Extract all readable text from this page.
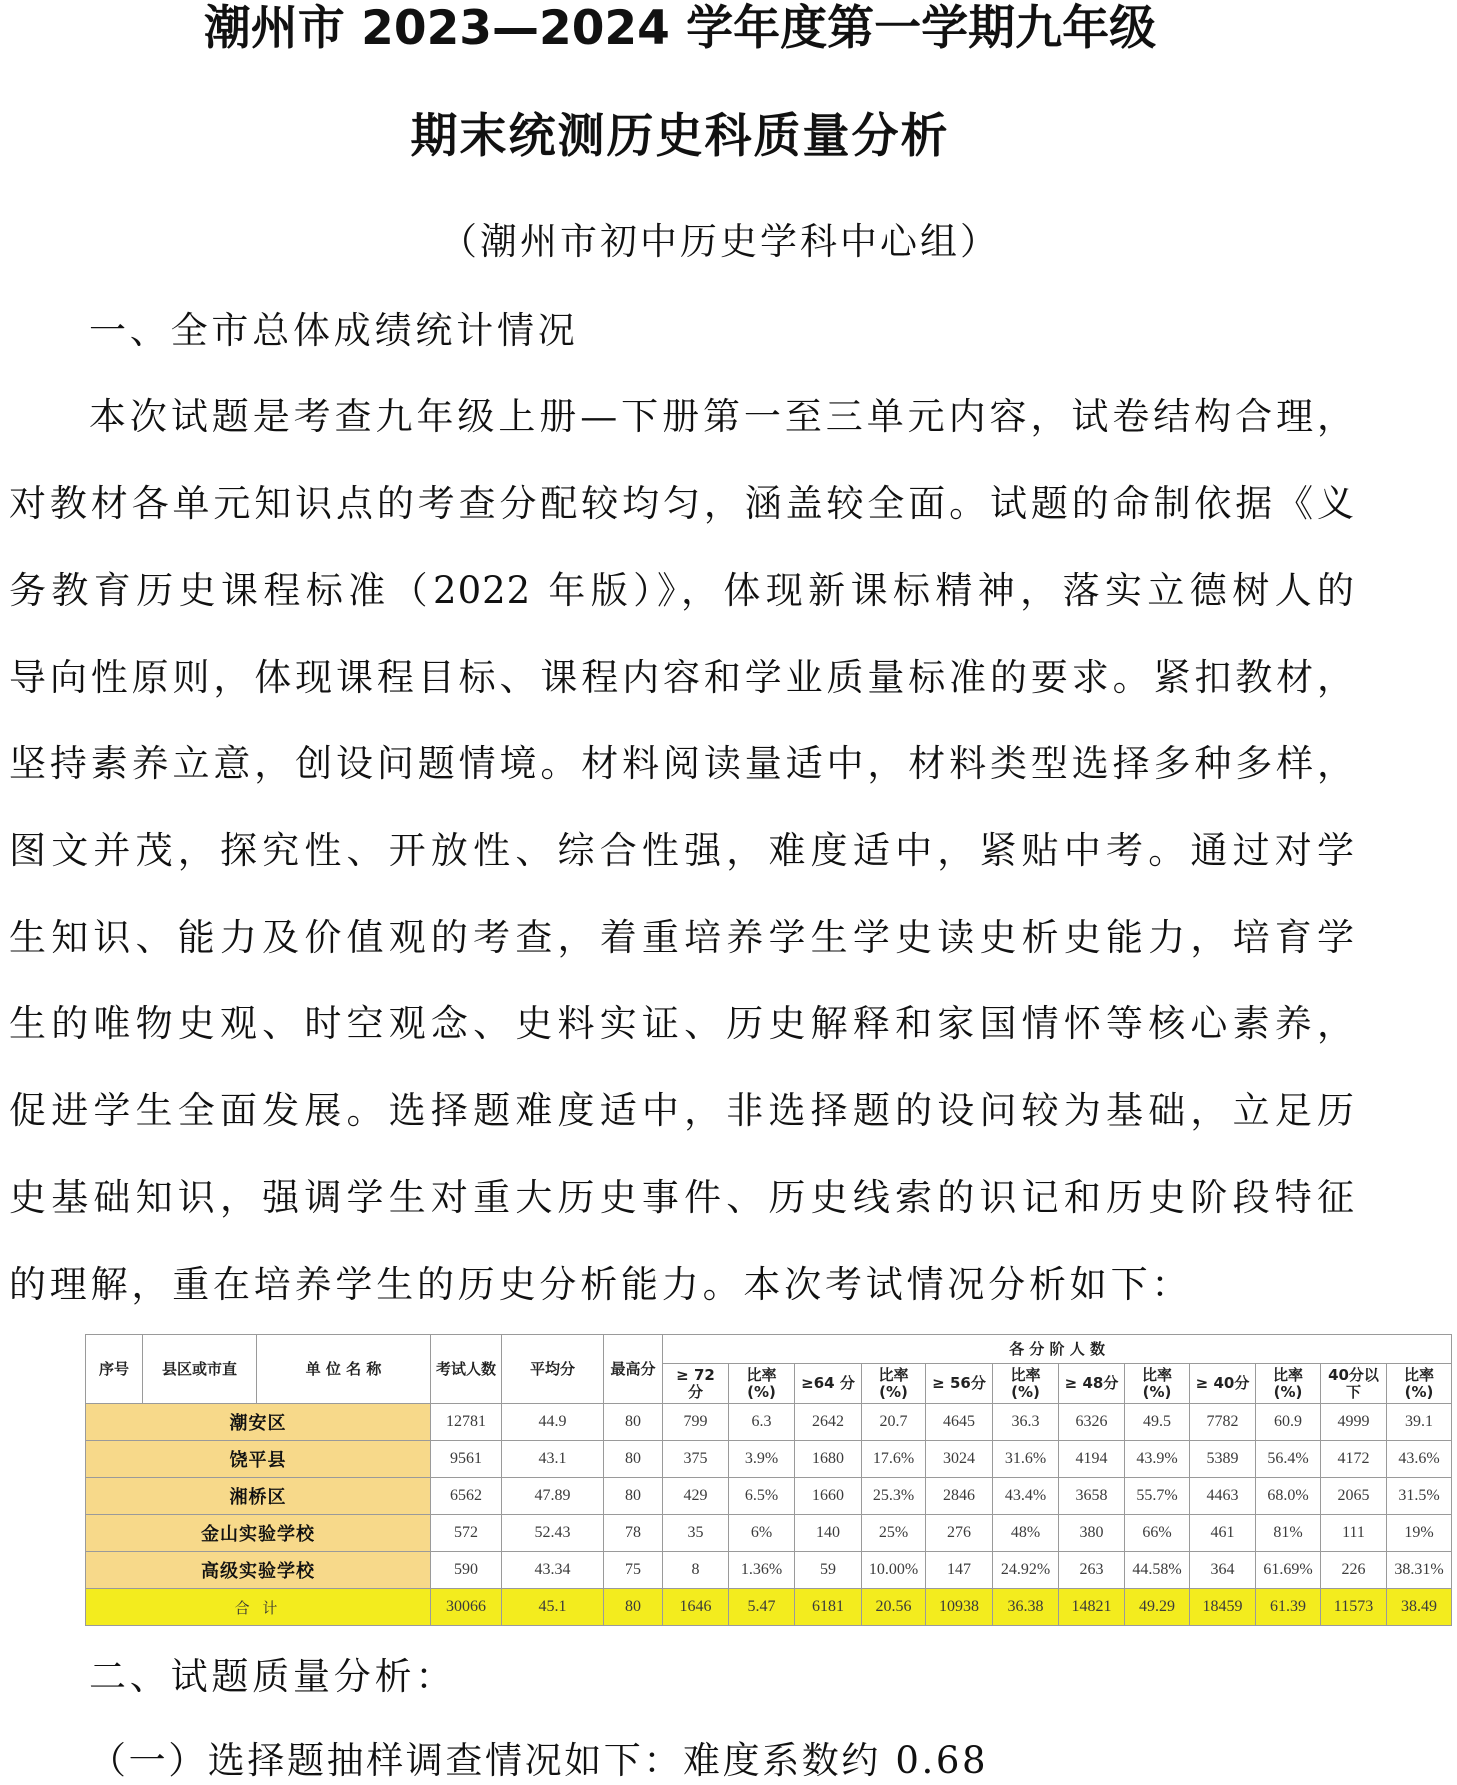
潮州市 2023—2024 学年度第一学期九年级
期末统测历史科质量分析
（潮州市初中历史学科中心组）
一、全市总体成绩统计情况
本次试题是考查九年级上册—下册第一至三单元内容，试卷结构合理，
对教材各单元知识点的考查分配较均匀，涵盖较全面。试题的命制依据《义
务教育历史课程标准（2022 年版）》，体现新课标精神，落实立德树人的
导向性原则，体现课程目标、课程内容和学业质量标准的要求。紧扣教材，
坚持素养立意，创设问题情境。材料阅读量适中，材料类型选择多种多样，
图文并茂，探究性、开放性、综合性强，难度适中，紧贴中考。通过对学
生知识、能力及价值观的考查，着重培养学生学史读史析史能力，培育学
生的唯物史观、时空观念、史料实证、历史解释和家国情怀等核心素养，
促进学生全面发展。选择题难度适中，非选择题的设问较为基础，立足历
史基础知识，强调学生对重大历史事件、历史线索的识记和历史阶段特征
的理解，重在培养学生的历史分析能力。本次考试情况分析如下：
序号	县区或市直	单 位 名 称	考试人数	平均分	最高分	各 分 阶 人 数											
						≥ 72 分	比率(%)	≥64 分	比率(%)	≥ 56分	比率(%)	≥ 48分	比率(%)	≥ 40分	比率(%)	40分以下	比率(%)
潮安区			12781	44.9	80	799	6.3	2642	20.7	4645	36.3	6326	49.5	7782	60.9	4999	39.1
饶平县			9561	43.1	80	375	3.9%	1680	17.6%	3024	31.6%	4194	43.9%	5389	56.4%	4172	43.6%
湘桥区			6562	47.89	80	429	6.5%	1660	25.3%	2846	43.4%	3658	55.7%	4463	68.0%	2065	31.5%
金山实验学校			572	52.43	78	35	6%	140	25%	276	48%	380	66%	461	81%	111	19%
高级实验学校			590	43.34	75	8	1.36%	59	10.00%	147	24.92%	263	44.58%	364	61.69%	226	38.31%
合 计			30066	45.1	80	1646	5.47	6181	20.56	10938	36.38	14821	49.29	18459	61.39	11573	38.49
二、试题质量分析：
（一）选择题抽样调查情况如下：难度系数约 0.68
